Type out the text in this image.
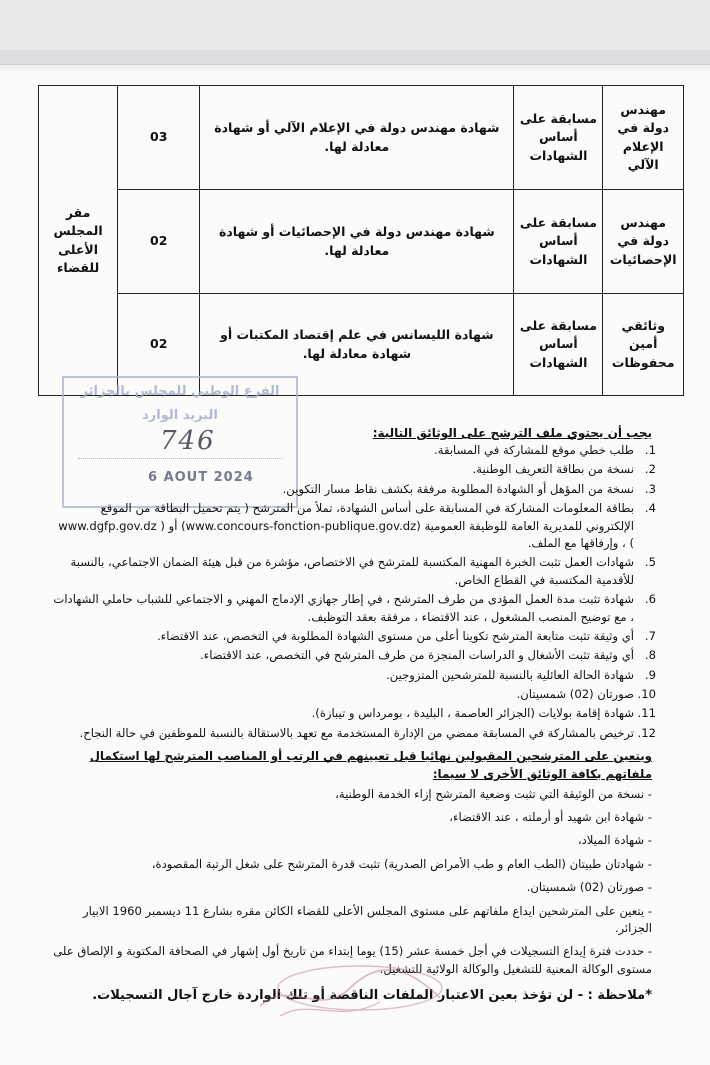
مهندس دولة في الإعلام الآلي	مسابقة على أساس الشهادات	شهادة مهندس دولة في الإعلام الآلي أو شهادة معادلة لها.	03	مقر المجلس الأعلى للقضاء
مهندس دولة في الإحصائيات	مسابقة على أساس الشهادات	شهادة مهندس دولة في الإحصائيات أو شهادة معادلة لها.	02	
وثائقي أمين محفوظات	مسابقة على أساس الشهادات	شهادة الليسانس في علم إقتصاد المكتبات أو شهادة معادلة لها.	02	
الفرع الوطني للمجلس بالجزائر
البريد الوارد
746
6 AOUT 2024
يجب أن يحتوي ملف الترشح على الوثائق التالية:
1.
طلب خطي موقع للمشاركة في المسابقة.
2.
نسخة من بطاقة التعريف الوطنية.
3.
نسخة من المؤهل أو الشهادة المطلوبة مرفقة بكشف نقاط مسار التكوين.
4.
بطاقة المعلومات المشاركة في المسابقة على أساس الشهادة، تملأ من المترشح ( يتم تحميل البطاقة من الموقع الإلكتروني للمديرية العامة للوظيفة العمومية (www.concours-fonction-publique.gov.dz) أو ( www.dgfp.gov.dz ) ، وإرفاقها مع الملف.
5.
شهادات العمل تثبت الخبرة المهنية المكتسبة للمترشح في الاختصاص، مؤشرة من قبل هيئة الضمان الاجتماعي، بالنسبة للأقدمية المكتسبة في القطاع الخاص.
6.
شهادة تثبت مدة العمل المؤدى من طرف المترشح ، في إطار جهازي الإدماج المهني و الاجتماعي للشباب حاملي الشهادات ، مع توضيح المنصب المشغول ، عند الاقتضاء ، مرفقة بعقد التوظيف.
7.
أي وثيقة تثبت متابعة المترشح تكوينا أعلى من مستوى الشهادة المطلوبة في التخصص، عند الاقتضاء.
8.
أي وثيقة تثبت الأشغال و الدراسات المنجزة من طرف المترشح في التخصص، عند الاقتضاء.
9.
شهادة الحالة العائلية بالنسبة للمترشحين المتزوجين.
10.
صورتان (02) شمسيتان.
11.
شهادة إقامة بولايات (الجزائر العاصمة ، البليدة ، بومرداس و تيبازة).
12.
ترخيص بالمشاركة في المسابقة ممضي من الإدارة المستخدمة مع تعهد بالاستقالة بالنسبة للموظفين في حالة النجاح.
ويتعين على المترشحين المقبولين نهائيا قبل تعيينهم في الرتب أو المناصب المترشح لها استكمال ملفاتهم بكافة الوثائق الأخرى لا سيما:
- نسخة من الوثيقة التي تثبت وضعية المترشح إزاء الخدمة الوطنية،
- شهادة ابن شهيد أو أرملته ، عند الاقتضاء،
- شهادة الميلاد،
- شهادتان طبيتان (الطب العام و طب الأمراض الصدرية) تثبت قدرة المترشح على شغل الرتبة المقصودة،
- صورتان (02) شمسيتان.
- يتعين على المترشحين ايداع ملفاتهم على مستوى المجلس الأعلى للقضاء الكائن مقره بشارع 11 ديسمبر 1960 الابيار الجزائر.
- حددت فترة إيداع التسجيلات في أجل خمسة عشر (15) يوما إبتداء من تاريخ أول إشهار في الصحافة المكتوبة و الإلصاق على مستوى الوكالة المعنية للتشغيل والوكالة الولائية للتشغيل.
*ملاحظة : - لن تؤخذ بعين الاعتبار الملفات الناقصة أو تلك الواردة خارج آجال التسجيلات.
